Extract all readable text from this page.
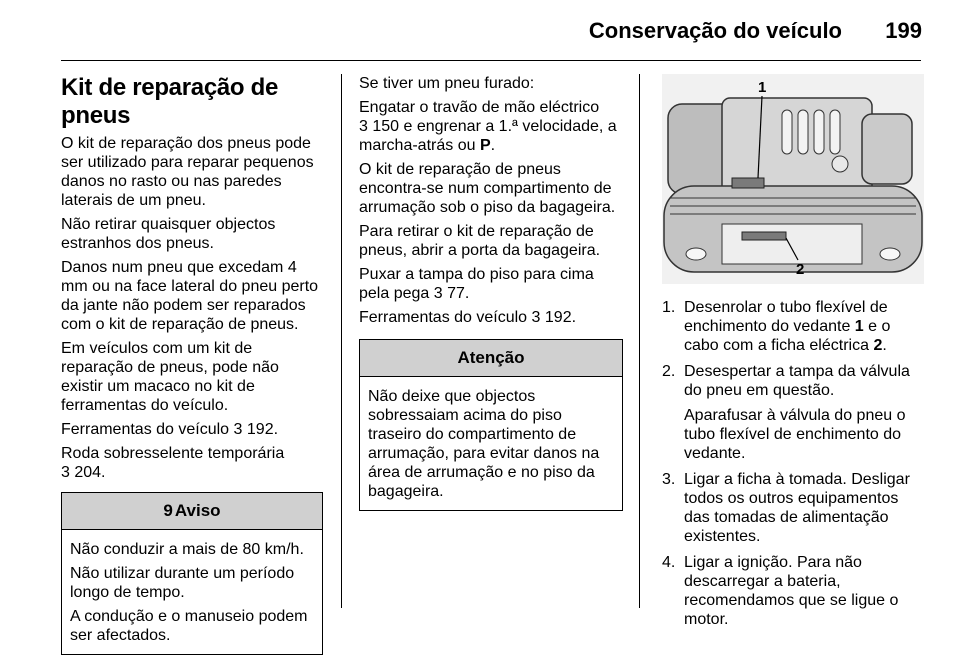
Conservação do veículo 199
Kit de reparação de pneus

O kit de reparação dos pneus pode ser utilizado para reparar pequenos danos no rasto ou nas paredes laterais de um pneu.

Não retirar quaisquer objectos estranhos dos pneus.

Danos num pneu que excedam 4 mm ou na face lateral do pneu perto da jante não podem ser reparados com o kit de reparação de pneus.

Em veículos com um kit de reparação de pneus, pode não existir um macaco no kit de ferramentas do veículo.

Ferramentas do veículo 3 192.

Roda sobresselente temporária
3 204.

9 Aviso

Não conduzir a mais de 80 km/h.

Não utilizar durante um período longo de tempo.

A condução e o manuseio podem ser afectados.

Se tiver um pneu furado:

Engatar o travão de mão eléctrico
3 150 e engrenar a 1.ª velocidade, a marcha-atrás ou P.

O kit de reparação de pneus encontra-se num compartimento de arrumação sob o piso da bagageira.

Para retirar o kit de reparação de pneus, abrir a porta da bagageira.

Puxar a tampa do piso para cima pela pega 3 77.

Ferramentas do veículo 3 192.

Atenção

Não deixe que objectos sobressaiam acima do piso traseiro do compartimento de arrumação, para evitar danos na área de arrumação e no piso da bagageira.

1
2
1. Desenrolar o tubo flexível de enchimento do vedante 1 e o cabo com a ficha eléctrica 2.

2. Desespertar a tampa da válvula do pneu em questão.

Aparafusar à válvula do pneu o tubo flexível de enchimento do vedante.

3. Ligar a ficha à tomada. Desligar todos os outros equipamentos das tomadas de alimentação existentes.

4. Ligar a ignição. Para não descarregar a bateria, recomendamos que se ligue o motor.
